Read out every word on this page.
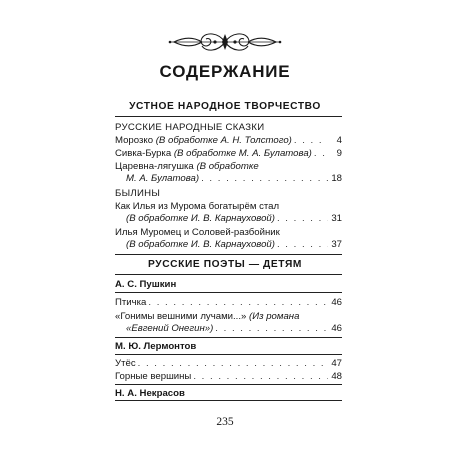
СОДЕРЖАНИЕ
УСТНОЕ НАРОДНОЕ ТВОРЧЕСТВО
РУССКИЕ НАРОДНЫЕ СКАЗКИ
Морозко (В обработке А. Н. Толстого) . . .	4
Сивка-Бурка (В обработке М. А. Булатова) . . .	9
Царевна-лягушка (В обработке
М. А. Булатова) . . .	18
БЫЛИНЫ
Как Илья из Мурома богатырём стал
(В обработке И. В. Карнауховой) . . .	31
Илья Муромец и Соловей-разбойник
(В обработке И. В. Карнауховой) . . .	37
РУССКИЕ ПОЭТЫ — ДЕТЯМ
А. С. Пушкин
Птичка . . .	46
«Гонимы вешними лучами...» (Из романа
«Евгений Онегин») . . .	46
М. Ю. Лермонтов
Утёс . . .	47
Горные вершины . . .	48
Н. А. Некрасов
235
